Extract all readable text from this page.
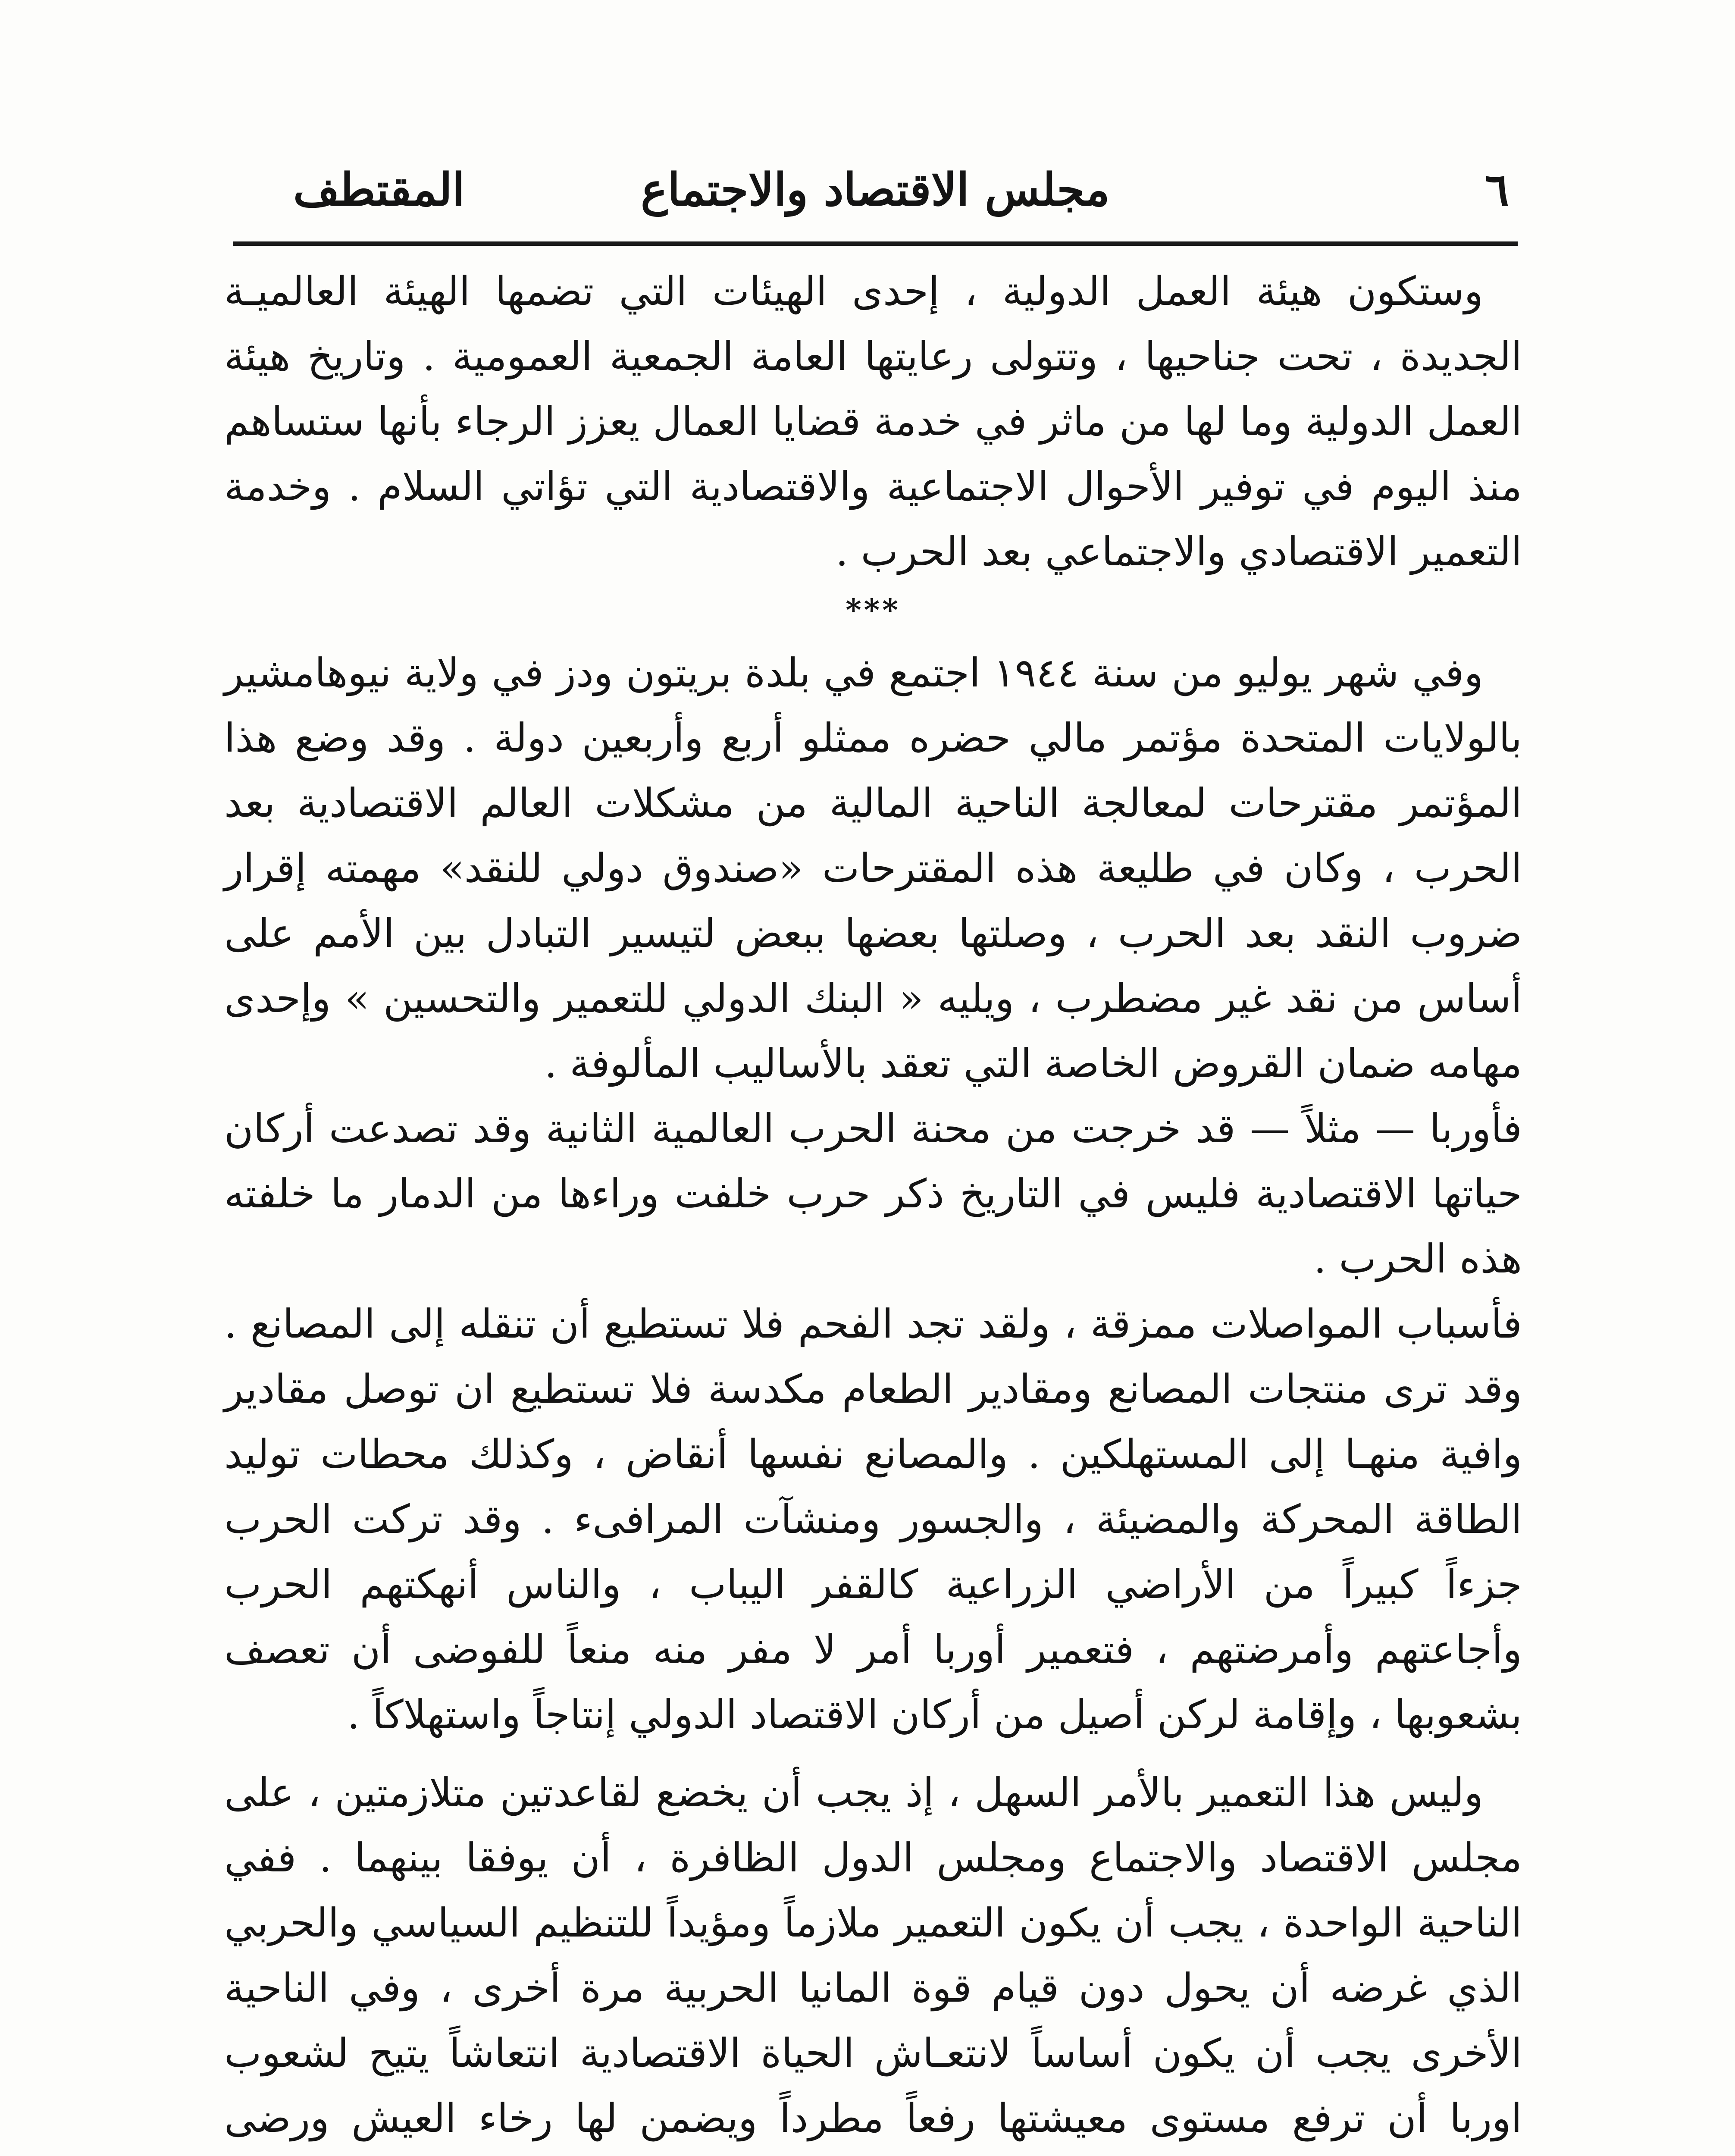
٦
مجلس الاقتصاد والاجتماع
المقتطف

وستكون هيئة العمل الدولية ، إحدى الهيئات التي تضمها الهيئة العالميـة الجديدة ، تحت جناحيها ، وتتولى رعايتها العامة الجمعية العمومية . وتاريخ هيئة العمل الدولية وما لها من ماثر في خدمة قضايا العمال يعزز الرجاء بأنها ستساهم منذ اليوم في توفير الأحوال الاجتماعية والاقتصادية التي تؤاتي السلام . وخدمة التعمير الاقتصادي والاجتماعي بعد الحرب .

***

وفي شهر يوليو من سنة ١٩٤٤ اجتمع في بلدة بريتون ودز في ولاية نيوهامشير بالولايات المتحدة مؤتمر مالي حضره ممثلو أربع وأربعين دولة . وقد وضع هذا المؤتمر مقترحات لمعالجة الناحية المالية من مشكلات العالم الاقتصادية بعد الحرب ، وكان في طليعة هذه المقترحات «صندوق دولي للنقد» مهمته إقرار ضروب النقد بعد الحرب ، وصلتها بعضها ببعض لتيسير التبادل بين الأمم على أساس من نقد غير مضطرب ، ويليه « البنك الدولي للتعمير والتحسين » وإحدى مهامه ضمان القروض الخاصة التي تعقد بالأساليب المألوفة .

فأوربا — مثلاً — قد خرجت من محنة الحرب العالمية الثانية وقد تصدعت أركان حياتها الاقتصادية فليس في التاريخ ذكر حرب خلفت وراءها من الدمار ما خلفته هذه الحرب .

فأسباب المواصلات ممزقة ، ولقد تجد الفحم فلا تستطيع أن تنقله إلى المصانع . وقد ترى منتجات المصانع ومقادير الطعام مكدسة فلا تستطيع ان توصل مقادير وافية منهـا إلى المستهلكين . والمصانع نفسها أنقاض ، وكذلك محطات توليد الطاقة المحركة والمضيئة ، والجسور ومنشآت المرافىء . وقد تركت الحرب جزءاً كبيراً من الأراضي الزراعية كالقفر اليباب ، والناس أنهكتهم الحرب وأجاعتهم وأمرضتهم ، فتعمير أوربا أمر لا مفر منه منعاً للفوضى أن تعصف بشعوبها ، وإقامة لركن أصيل من أركان الاقتصاد الدولي إنتاجاً واستهلاكاً .

وليس هذا التعمير بالأمر السهل ، إذ يجب أن يخضع لقاعدتين متلازمتين ، على مجلس الاقتصاد والاجتماع ومجلس الدول الظافرة ، أن يوفقا بينهما . ففي الناحية الواحدة ، يجب أن يكون التعمير ملازماً ومؤيداً للتنظيم السياسي والحربي الذي غرضه أن يحول دون قيام قوة المانيا الحربية مرة أخرى ، وفي الناحية الأخرى يجب أن يكون أساساً لانتعـاش الحياة الاقتصادية انتعاشاً يتيح لشعوب اوربا أن ترفع مستوى معيشتها رفعاً مطرداً ويضمن لها رخاء العيش ورضى
